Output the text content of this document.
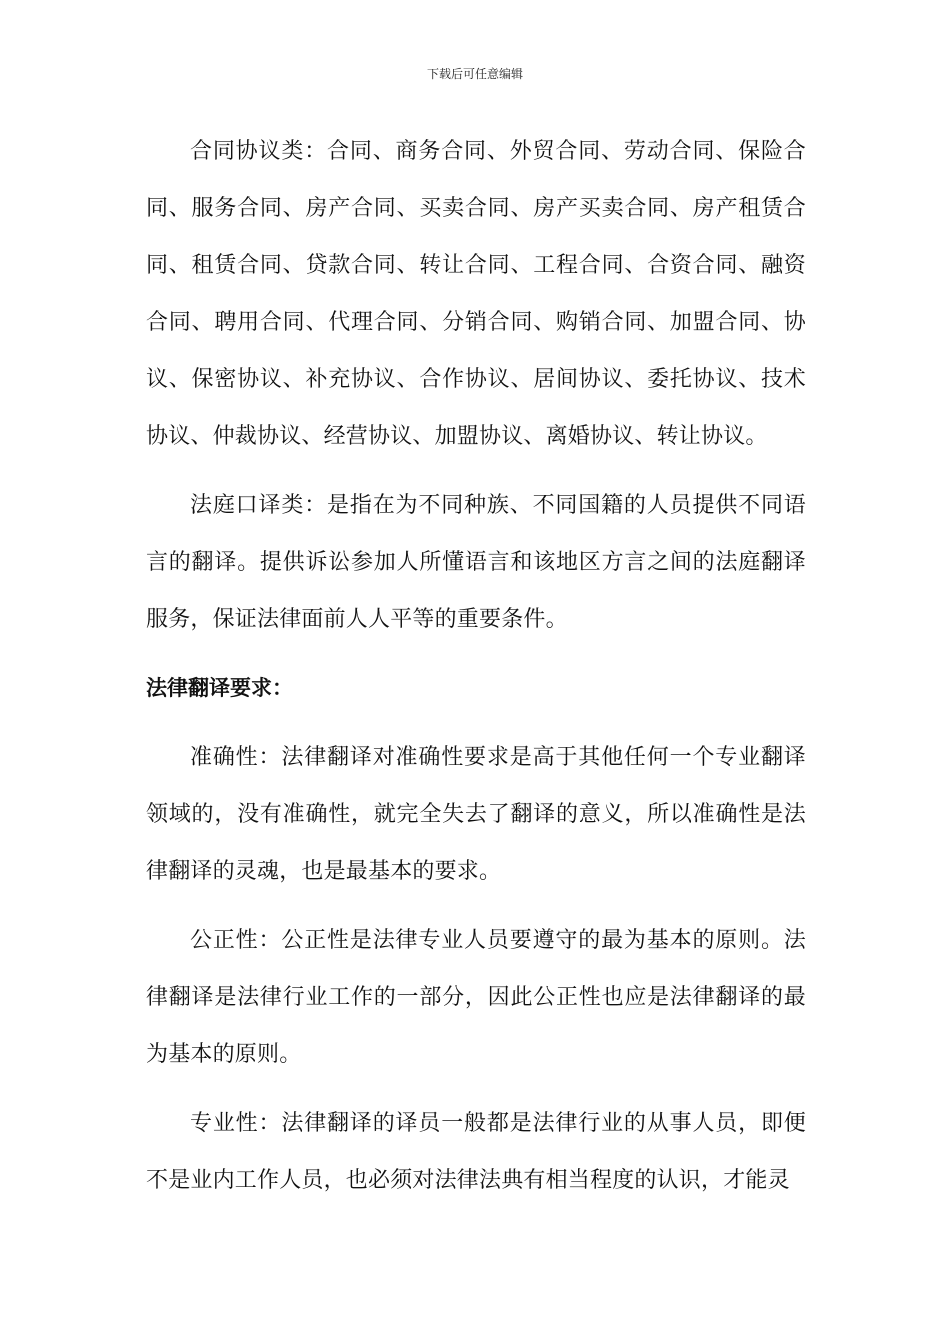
下载后可任意编辑

合同协议类：合同、商务合同、外贸合同、劳动合同、保险合同、服务合同、房产合同、买卖合同、房产买卖合同、房产租赁合同、租赁合同、贷款合同、转让合同、工程合同、合资合同、融资合同、聘用合同、代理合同、分销合同、购销合同、加盟合同、协议、保密协议、补充协议、合作协议、居间协议、委托协议、技术协议、仲裁协议、经营协议、加盟协议、离婚协议、转让协议。

法庭口译类：是指在为不同种族、不同国籍的人员提供不同语言的翻译。提供诉讼参加人所懂语言和该地区方言之间的法庭翻译服务，保证法律面前人人平等的重要条件。

法律翻译要求：

准确性：法律翻译对准确性要求是高于其他任何一个专业翻译领域的，没有准确性，就完全失去了翻译的意义，所以准确性是法律翻译的灵魂，也是最基本的要求。

公正性：公正性是法律专业人员要遵守的最为基本的原则。法律翻译是法律行业工作的一部分，因此公正性也应是法律翻译的最为基本的原则。

专业性：法律翻译的译员一般都是法律行业的从事人员，即便不是业内工作人员，也必须对法律法典有相当程度的认识，才能灵
